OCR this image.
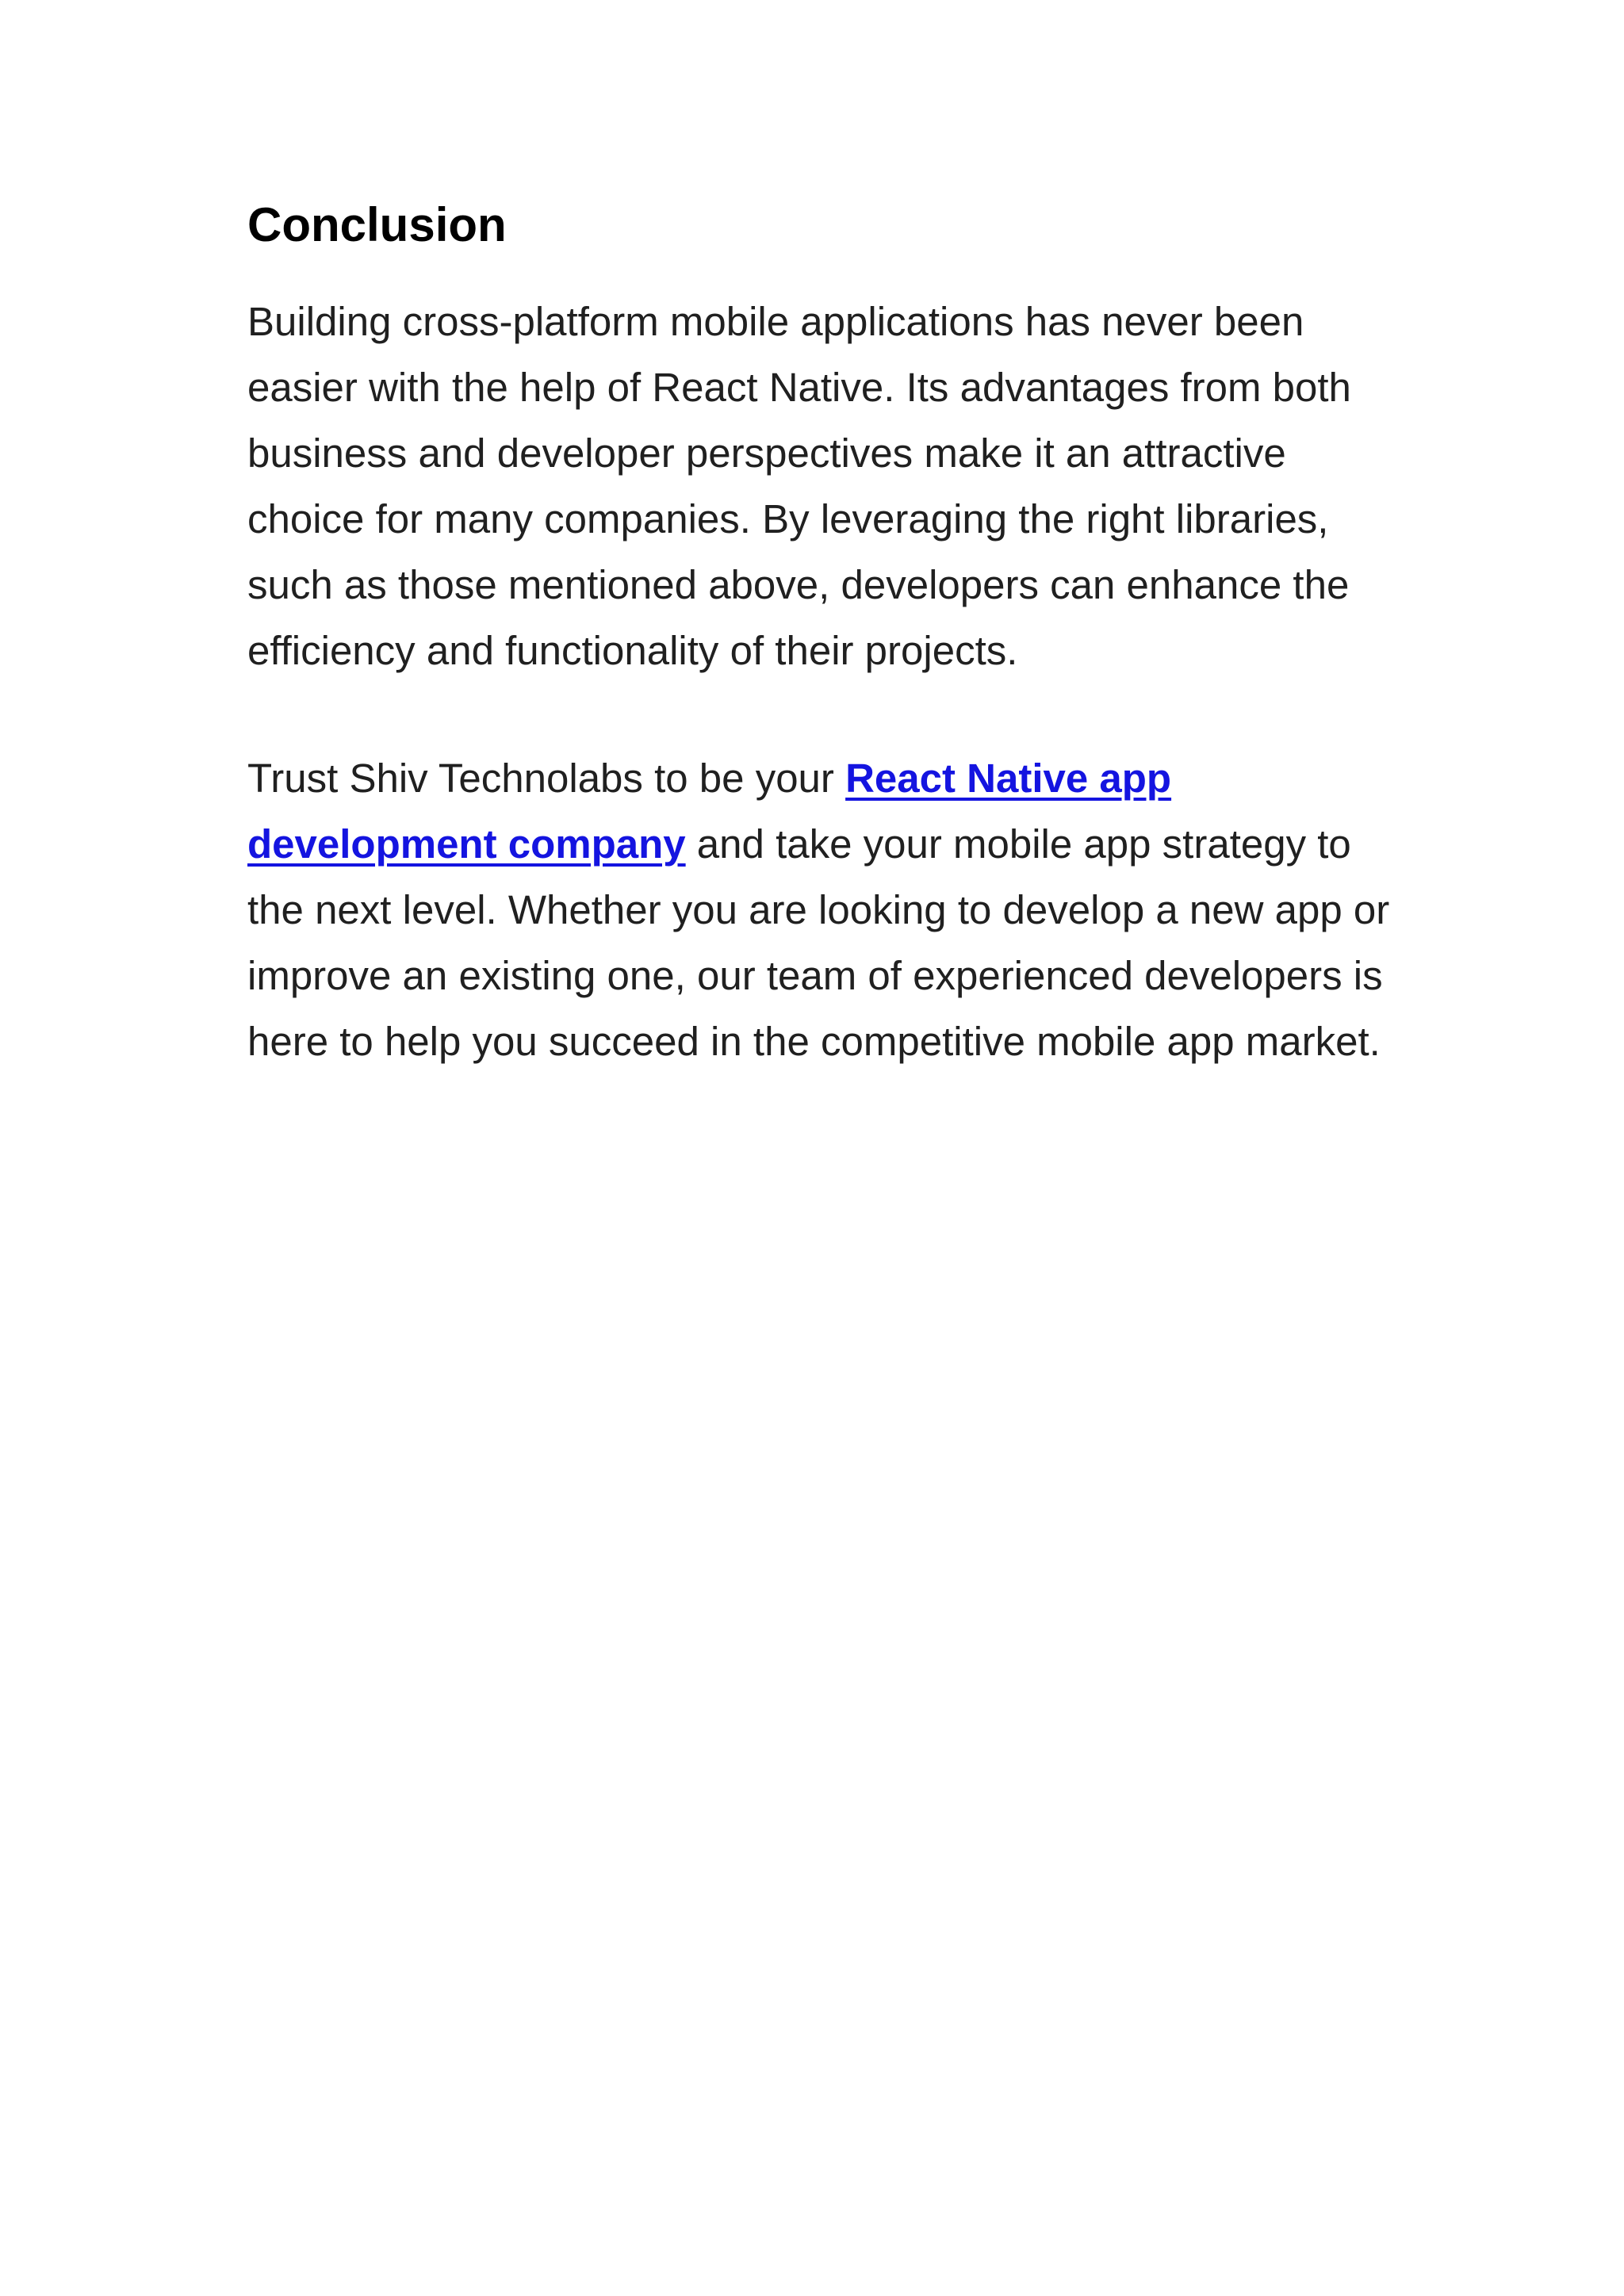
Conclusion

Building cross-platform mobile applications has never been easier with the help of React Native. Its advantages from both business and developer perspectives make it an attractive choice for many companies. By leveraging the right libraries, such as those mentioned above, developers can enhance the efficiency and functionality of their projects.

Trust Shiv Technolabs to be your React Native app development company and take your mobile app strategy to the next level. Whether you are looking to develop a new app or improve an existing one, our team of experienced developers is here to help you succeed in the competitive mobile app market.
